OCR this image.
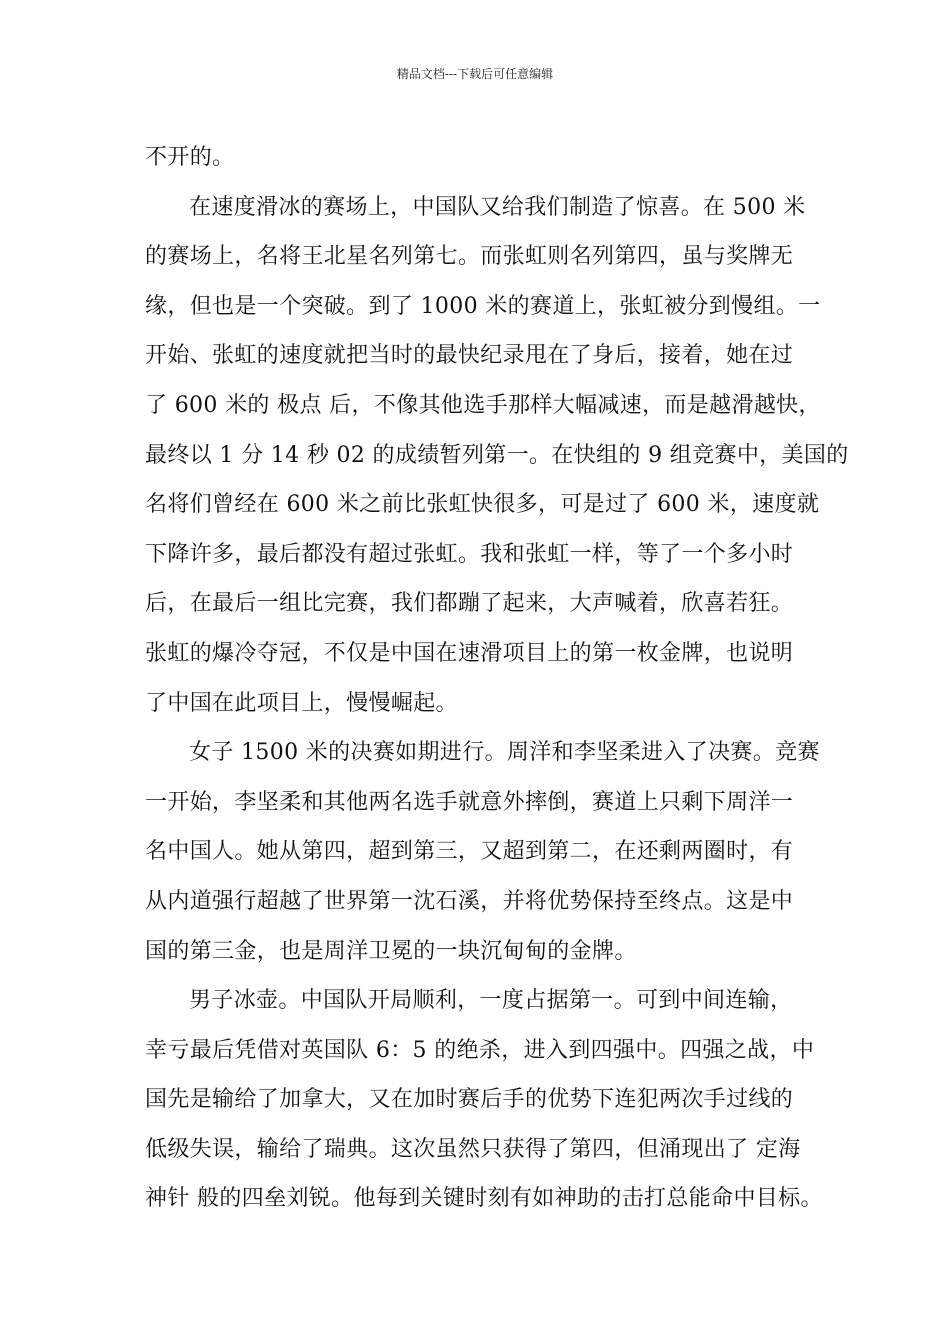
精品文档---下载后可任意编辑
不开的。
在速度滑冰的赛场上，中国队又给我们制造了惊喜。在 500 米
的赛场上，名将王北星名列第七。而张虹则名列第四，虽与奖牌无
缘，但也是一个突破。到了 1000 米的赛道上，张虹被分到慢组。一
开始、张虹的速度就把当时的最快纪录甩在了身后，接着，她在过
了 600 米的 极点 后，不像其他选手那样大幅减速，而是越滑越快，
最终以 1 分 14 秒 02 的成绩暂列第一。在快组的 9 组竞赛中，美国的
名将们曾经在 600 米之前比张虹快很多，可是过了 600 米，速度就
下降许多，最后都没有超过张虹。我和张虹一样，等了一个多小时
后，在最后一组比完赛，我们都蹦了起来，大声喊着，欣喜若狂。
张虹的爆冷夺冠，不仅是中国在速滑项目上的第一枚金牌，也说明
了中国在此项目上，慢慢崛起。
女子 1500 米的决赛如期进行。周洋和李坚柔进入了决赛。竞赛
一开始，李坚柔和其他两名选手就意外摔倒，赛道上只剩下周洋一
名中国人。她从第四，超到第三，又超到第二，在还剩两圈时，有
从内道强行超越了世界第一沈石溪，并将优势保持至终点。这是中
国的第三金，也是周洋卫冕的一块沉甸甸的金牌。
男子冰壶。中国队开局顺利，一度占据第一。可到中间连输，
幸亏最后凭借对英国队 6：5 的绝杀，进入到四强中。四强之战，中
国先是输给了加拿大，又在加时赛后手的优势下连犯两次手过线的
低级失误，输给了瑞典。这次虽然只获得了第四，但涌现出了 定海
神针 般的四垒刘锐。他每到关键时刻有如神助的击打总能命中目标。
